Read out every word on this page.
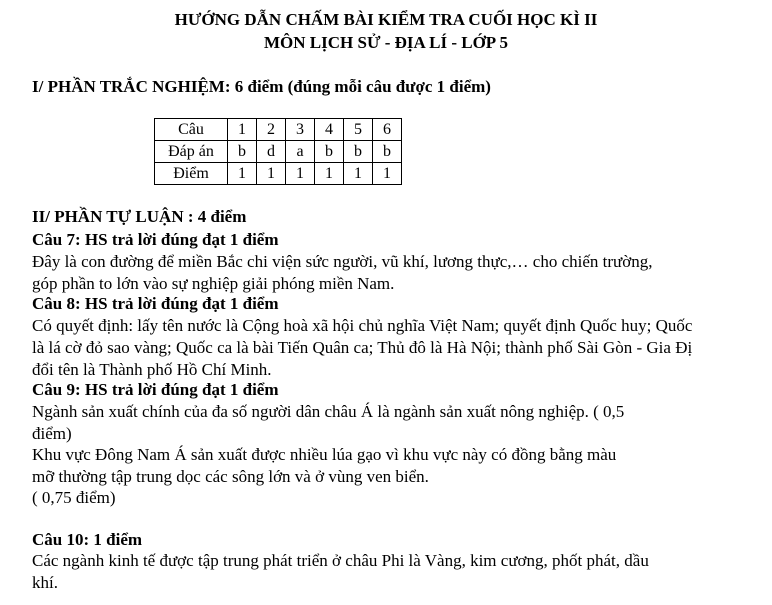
HƯỚNG DẪN CHẤM BÀI KIỂM TRA CUỐI HỌC KÌ II
MÔN LỊCH SỬ - ĐỊA LÍ - LỚP 5
I/ PHẦN TRẮC NGHIỆM: 6 điểm (đúng mỗi câu được 1 điểm)
Câu	1	2	3	4	5	6
Đáp án	b	d	a	b	b	b
Điểm	1	1	1	1	1	1
II/ PHẦN TỰ LUẬN : 4 điểm
Câu 7: HS trả lời đúng đạt 1 điểm
Đây là con đường để miền Bắc chi viện sức người, vũ khí, lương thực,… cho chiến trường,
góp phần to lớn vào sự nghiệp giải phóng miền Nam.
Câu 8: HS trả lời đúng đạt 1 điểm
Có quyết định: lấy tên nước là Cộng hoà xã hội chủ nghĩa Việt Nam; quyết định Quốc huy; Quốc
là lá cờ đỏ sao vàng; Quốc ca là bài Tiến Quân ca; Thủ đô là Hà Nội; thành phố Sài Gòn - Gia Đị
đổi tên là Thành phố Hồ Chí Minh.
Câu 9: HS trả lời đúng đạt 1 điểm
Ngành sản xuất chính của đa số người dân châu Á là ngành sản xuất nông nghiệp. ( 0,5
điểm)
Khu vực Đông Nam Á sản xuất được nhiều lúa gạo vì khu vực này có đồng bằng màu
mỡ thường tập trung dọc các sông lớn và ở vùng ven biển.
( 0,75 điểm)
Câu 10: 1 điểm
Các ngành kinh tế được tập trung phát triển ở châu Phi là Vàng, kim cương, phốt phát, dầu
khí.
